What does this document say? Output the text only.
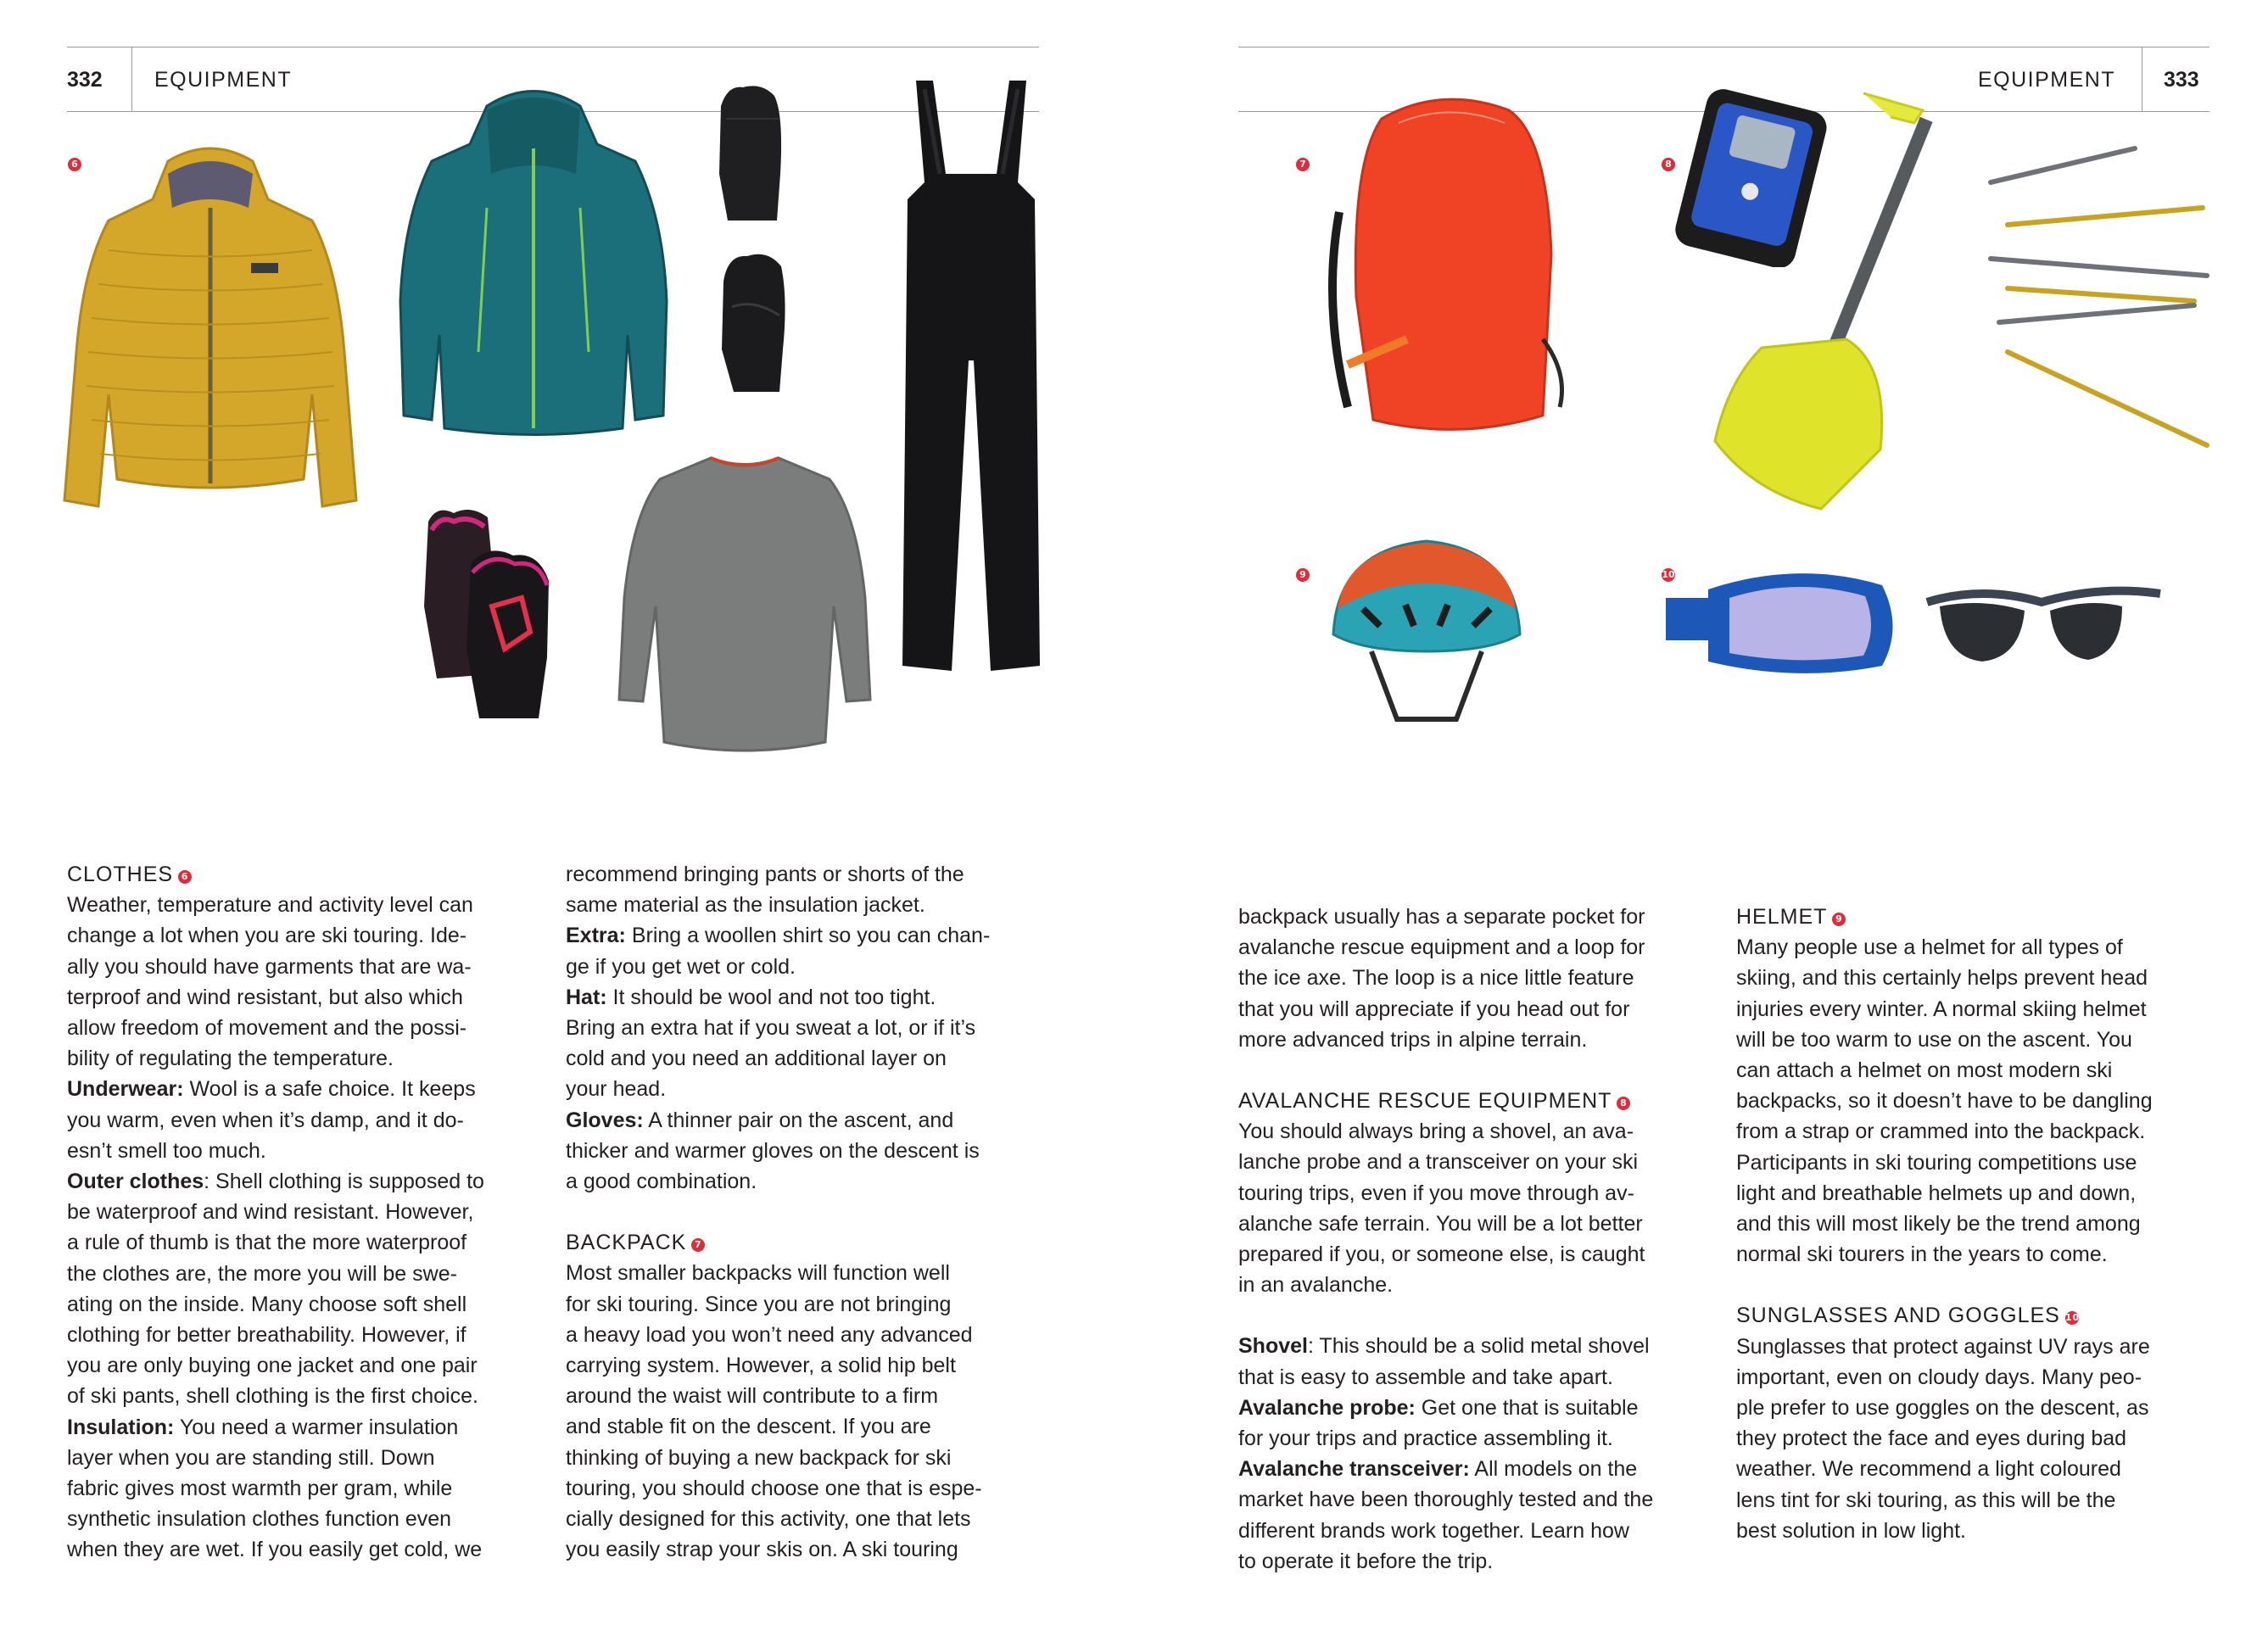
332 EQUIPMENT
6

CLOTHES 6

Weather, temperature and activity level can

change a lot when you are ski touring. Ide-

ally you should have garments that are wa-

terproof and wind resistant, but also which

allow freedom of movement and the possi-

bility of regulating the temperature.

Underwear: Wool is a safe choice. It keeps

you warm, even when it’s damp, and it do-

esn’t smell too much.

Outer clothes: Shell clothing is supposed to

be waterproof and wind resistant. However,

a rule of thumb is that the more waterproof

the clothes are, the more you will be swe-

ating on the inside. Many choose soft shell

clothing for better breathability. However, if

you are only buying one jacket and one pair

of ski pants, shell clothing is the first choice.

Insulation: You need a warmer insulation

layer when you are standing still. Down

fabric gives most warmth per gram, while

synthetic insulation clothes function even

when they are wet. If you easily get cold, we

recommend bringing pants or shorts of the

same material as the insulation jacket.

Extra: Bring a woollen shirt so you can chan-

ge if you get wet or cold.

Hat: It should be wool and not too tight.

Bring an extra hat if you sweat a lot, or if it’s

cold and you need an additional layer on

your head.

Gloves: A thinner pair on the ascent, and

thicker and warmer gloves on the descent is

a good combination.

BACKPACK 7

Most smaller backpacks will function well

for ski touring. Since you are not bringing

a heavy load you won’t need any advanced

carrying system. However, a solid hip belt

around the waist will contribute to a firm

and stable fit on the descent. If you are

thinking of buying a new backpack for ski

touring, you should choose one that is espe-

cially designed for this activity, one that lets

you easily strap your skis on. A ski touring

EQUIPMENT 333
7	8
9	10

backpack usually has a separate pocket for

avalanche rescue equipment and a loop for

the ice axe. The loop is a nice little feature

that you will appreciate if you head out for

more advanced trips in alpine terrain.

AVALANCHE RESCUE EQUIPMENT 8

You should always bring a shovel, an ava-

lanche probe and a transceiver on your ski

touring trips, even if you move through av-

alanche safe terrain. You will be a lot better

prepared if you, or someone else, is caught

in an avalanche.

Shovel: This should be a solid metal shovel

that is easy to assemble and take apart.

Avalanche probe: Get one that is suitable

for your trips and practice assembling it.

Avalanche transceiver: All models on the

market have been thoroughly tested and the

different brands work together. Learn how

to operate it before the trip.

HELMET 9

Many people use a helmet for all types of

skiing, and this certainly helps prevent head

injuries every winter. A normal skiing helmet

will be too warm to use on the ascent. You

can attach a helmet on most modern ski

backpacks, so it doesn’t have to be dangling

from a strap or crammed into the backpack.

Participants in ski touring competitions use

light and breathable helmets up and down,

and this will most likely be the trend among

normal ski tourers in the years to come.

SUNGLASSES AND GOGGLES 10

Sunglasses that protect against UV rays are

important, even on cloudy days. Many peo-

ple prefer to use goggles on the descent, as

they protect the face and eyes during bad

weather. We recommend a light coloured

lens tint for ski touring, as this will be the

best solution in low light.
